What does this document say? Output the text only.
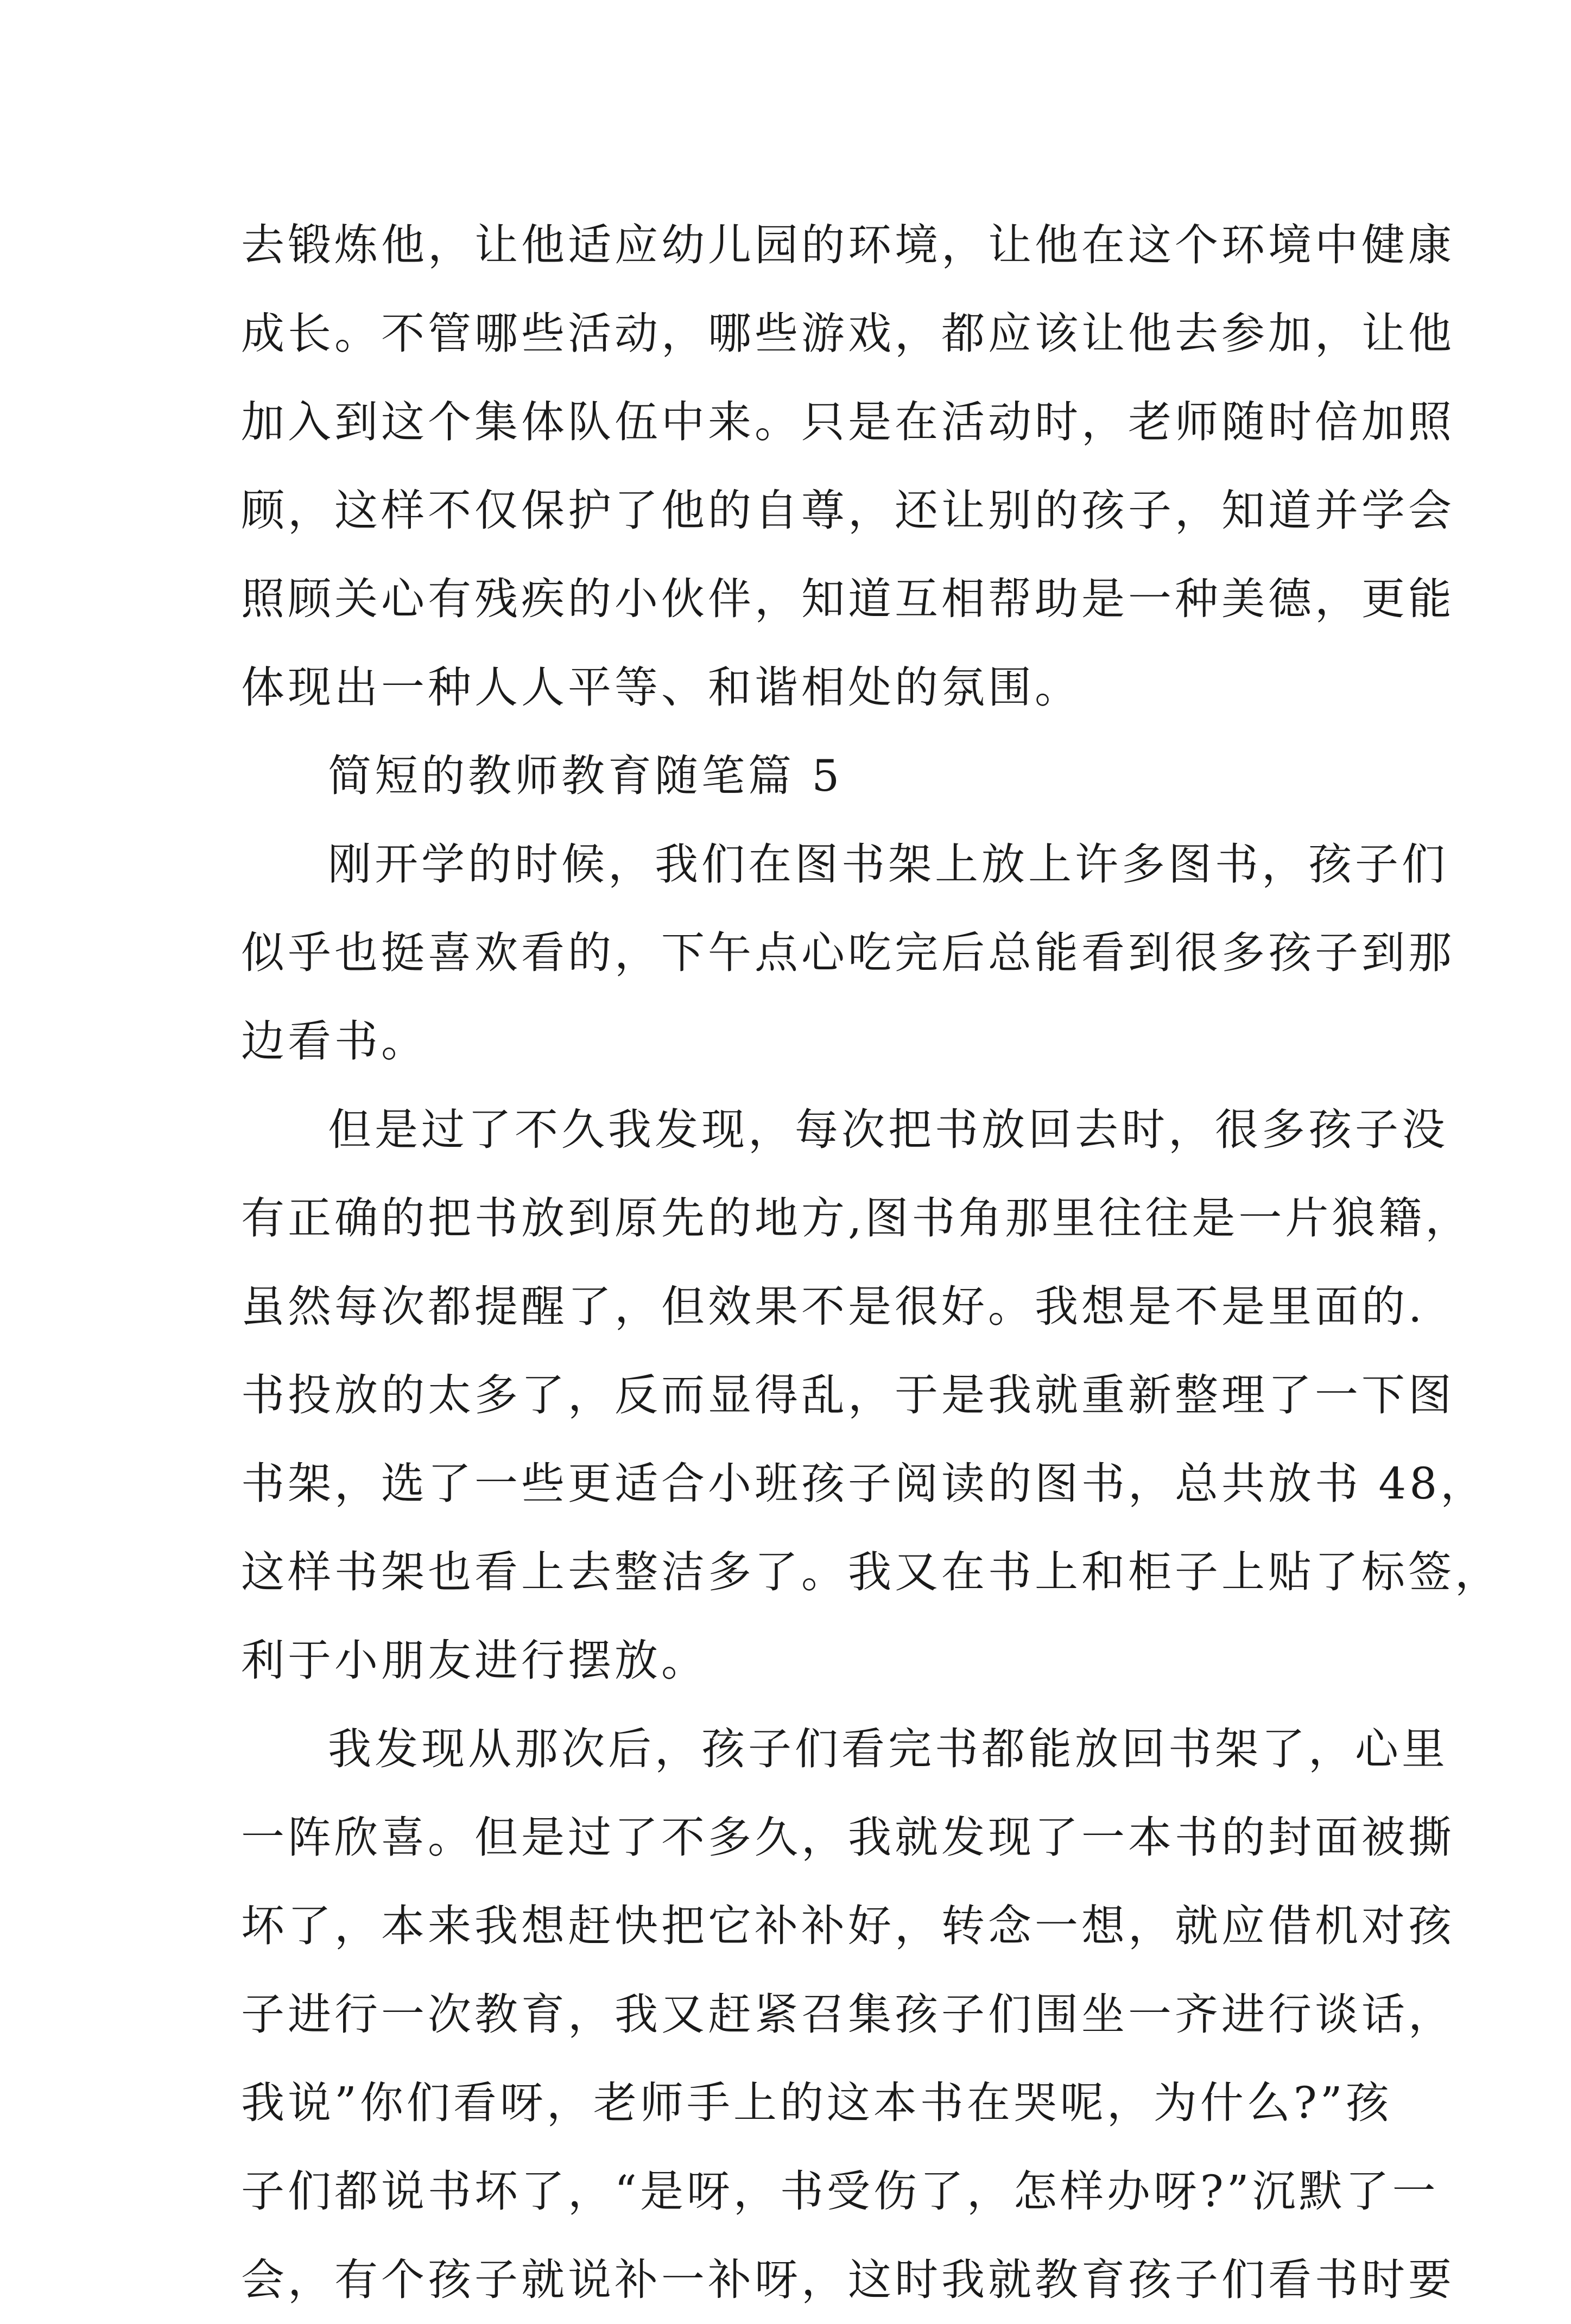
去锻炼他，让他适应幼儿园的环境，让他在这个环境中健康
成长。不管哪些活动，哪些游戏，都应该让他去参加，让他
加入到这个集体队伍中来。只是在活动时，老师随时倍加照
顾，这样不仅保护了他的自尊，还让别的孩子，知道并学会
照顾关心有残疾的小伙伴，知道互相帮助是一种美德，更能
体现出一种人人平等、和谐相处的氛围。
简短的教师教育随笔篇 5
刚开学的时候，我们在图书架上放上许多图书，孩子们
似乎也挺喜欢看的，下午点心吃完后总能看到很多孩子到那
边看书。
但是过了不久我发现，每次把书放回去时，很多孩子没
有正确的把书放到原先的地方,图书角那里往往是一片狼籍，
虽然每次都提醒了，但效果不是很好。我想是不是里面的.
书投放的太多了，反而显得乱，于是我就重新整理了一下图
书架，选了一些更适合小班孩子阅读的图书，总共放书 48，
这样书架也看上去整洁多了。我又在书上和柜子上贴了标签，
利于小朋友进行摆放。
我发现从那次后，孩子们看完书都能放回书架了，心里
一阵欣喜。但是过了不多久，我就发现了一本书的封面被撕
坏了，本来我想赶快把它补补好，转念一想，就应借机对孩
子进行一次教育，我又赶紧召集孩子们围坐一齐进行谈话，
我说”你们看呀，老师手上的这本书在哭呢，为什么?”孩
子们都说书坏了，“是呀，书受伤了，怎样办呀?”沉默了一
会，有个孩子就说补一补呀，这时我就教育孩子们看书时要
